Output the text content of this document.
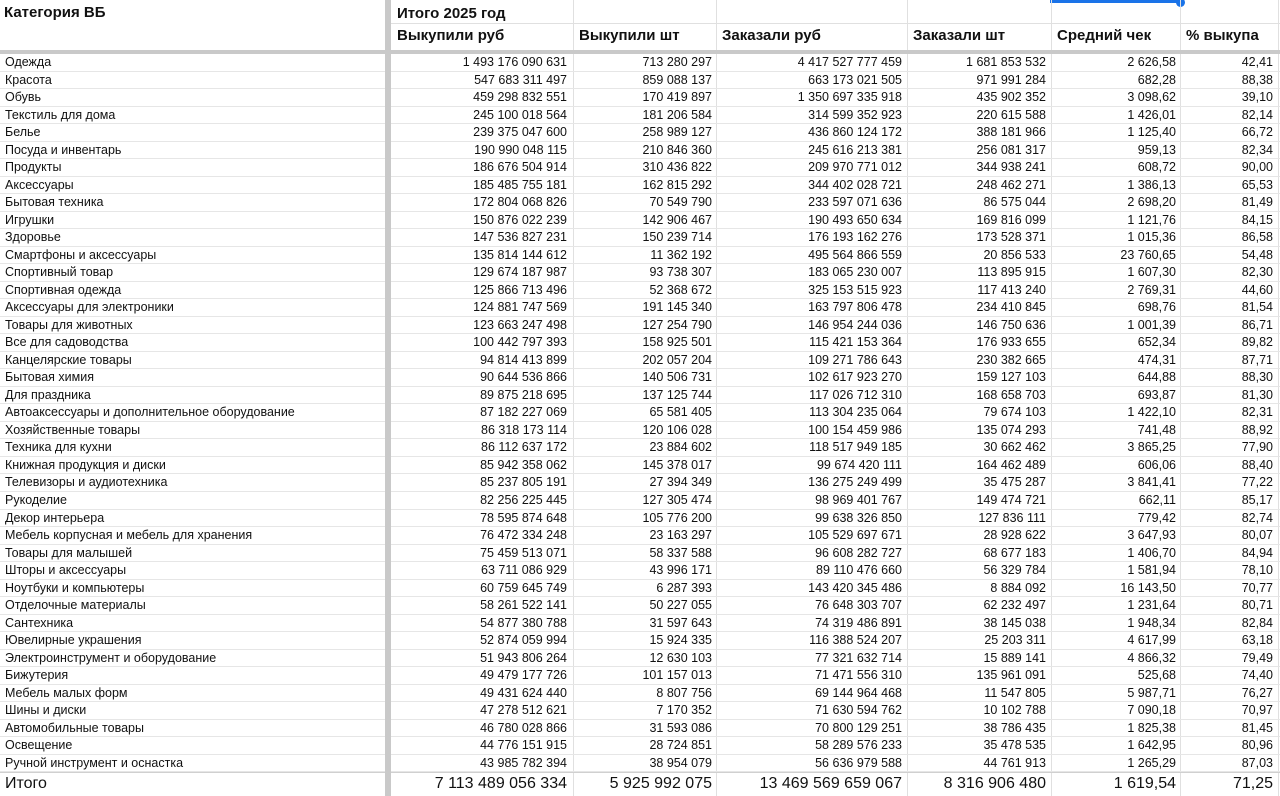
Категория ВБ	Итого 2025 год
Выкупили руб	Выкупили шт	Заказали руб	Заказали шт	Средний чек	% выкупа
Одежда	1 493 176 090 631	713 280 297	4 417 527 777 459	1 681 853 532	2 626,58	42,41
Красота	547 683 311 497	859 088 137	663 173 021 505	971 991 284	682,28	88,38
Обувь	459 298 832 551	170 419 897	1 350 697 335 918	435 902 352	3 098,62	39,10
Текстиль для дома	245 100 018 564	181 206 584	314 599 352 923	220 615 588	1 426,01	82,14
Белье	239 375 047 600	258 989 127	436 860 124 172	388 181 966	1 125,40	66,72
Посуда и инвентарь	190 990 048 115	210 846 360	245 616 213 381	256 081 317	959,13	82,34
Продукты	186 676 504 914	310 436 822	209 970 771 012	344 938 241	608,72	90,00
Аксессуары	185 485 755 181	162 815 292	344 402 028 721	248 462 271	1 386,13	65,53
Бытовая техника	172 804 068 826	70 549 790	233 597 071 636	86 575 044	2 698,20	81,49
Игрушки	150 876 022 239	142 906 467	190 493 650 634	169 816 099	1 121,76	84,15
Здоровье	147 536 827 231	150 239 714	176 193 162 276	173 528 371	1 015,36	86,58
Смартфоны и аксессуары	135 814 144 612	11 362 192	495 564 866 559	20 856 533	23 760,65	54,48
Спортивный товар	129 674 187 987	93 738 307	183 065 230 007	113 895 915	1 607,30	82,30
Спортивная одежда	125 866 713 496	52 368 672	325 153 515 923	117 413 240	2 769,31	44,60
Аксессуары для электроники	124 881 747 569	191 145 340	163 797 806 478	234 410 845	698,76	81,54
Товары для животных	123 663 247 498	127 254 790	146 954 244 036	146 750 636	1 001,39	86,71
Все для садоводства	100 442 797 393	158 925 501	115 421 153 364	176 933 655	652,34	89,82
Канцелярские товары	94 814 413 899	202 057 204	109 271 786 643	230 382 665	474,31	87,71
Бытовая химия	90 644 536 866	140 506 731	102 617 923 270	159 127 103	644,88	88,30
Для праздника	89 875 218 695	137 125 744	117 026 712 310	168 658 703	693,87	81,30
Автоаксессуары и дополнительное оборудование	87 182 227 069	65 581 405	113 304 235 064	79 674 103	1 422,10	82,31
Хозяйственные товары	86 318 173 114	120 106 028	100 154 459 986	135 074 293	741,48	88,92
Техника для кухни	86 112 637 172	23 884 602	118 517 949 185	30 662 462	3 865,25	77,90
Книжная продукция и диски	85 942 358 062	145 378 017	99 674 420 111	164 462 489	606,06	88,40
Телевизоры и аудиотехника	85 237 805 191	27 394 349	136 275 249 499	35 475 287	3 841,41	77,22
Рукоделие	82 256 225 445	127 305 474	98 969 401 767	149 474 721	662,11	85,17
Декор интерьера	78 595 874 648	105 776 200	99 638 326 850	127 836 111	779,42	82,74
Мебель корпусная и мебель для хранения	76 472 334 248	23 163 297	105 529 697 671	28 928 622	3 647,93	80,07
Товары для малышей	75 459 513 071	58 337 588	96 608 282 727	68 677 183	1 406,70	84,94
Шторы и аксессуары	63 711 086 929	43 996 171	89 110 476 660	56 329 784	1 581,94	78,10
Ноутбуки и компьютеры	60 759 645 749	6 287 393	143 420 345 486	8 884 092	16 143,50	70,77
Отделочные материалы	58 261 522 141	50 227 055	76 648 303 707	62 232 497	1 231,64	80,71
Сантехника	54 877 380 788	31 597 643	74 319 486 891	38 145 038	1 948,34	82,84
Ювелирные украшения	52 874 059 994	15 924 335	116 388 524 207	25 203 311	4 617,99	63,18
Электроинструмент и оборудование	51 943 806 264	12 630 103	77 321 632 714	15 889 141	4 866,32	79,49
Бижутерия	49 479 177 726	101 157 013	71 471 556 310	135 961 091	525,68	74,40
Мебель малых форм	49 431 624 440	8 807 756	69 144 964 468	11 547 805	5 987,71	76,27
Шины и диски	47 278 512 621	7 170 352	71 630 594 762	10 102 788	7 090,18	70,97
Автомобильные товары	46 780 028 866	31 593 086	70 800 129 251	38 786 435	1 825,38	81,45
Освещение	44 776 151 915	28 724 851	58 289 576 233	35 478 535	1 642,95	80,96
Ручной инструмент и оснастка	43 985 782 394	38 954 079	56 636 979 588	44 761 913	1 265,29	87,03
Итого	7 113 489 056 334	5 925 992 075	13 469 569 659 067	8 316 906 480	1 619,54	71,25
